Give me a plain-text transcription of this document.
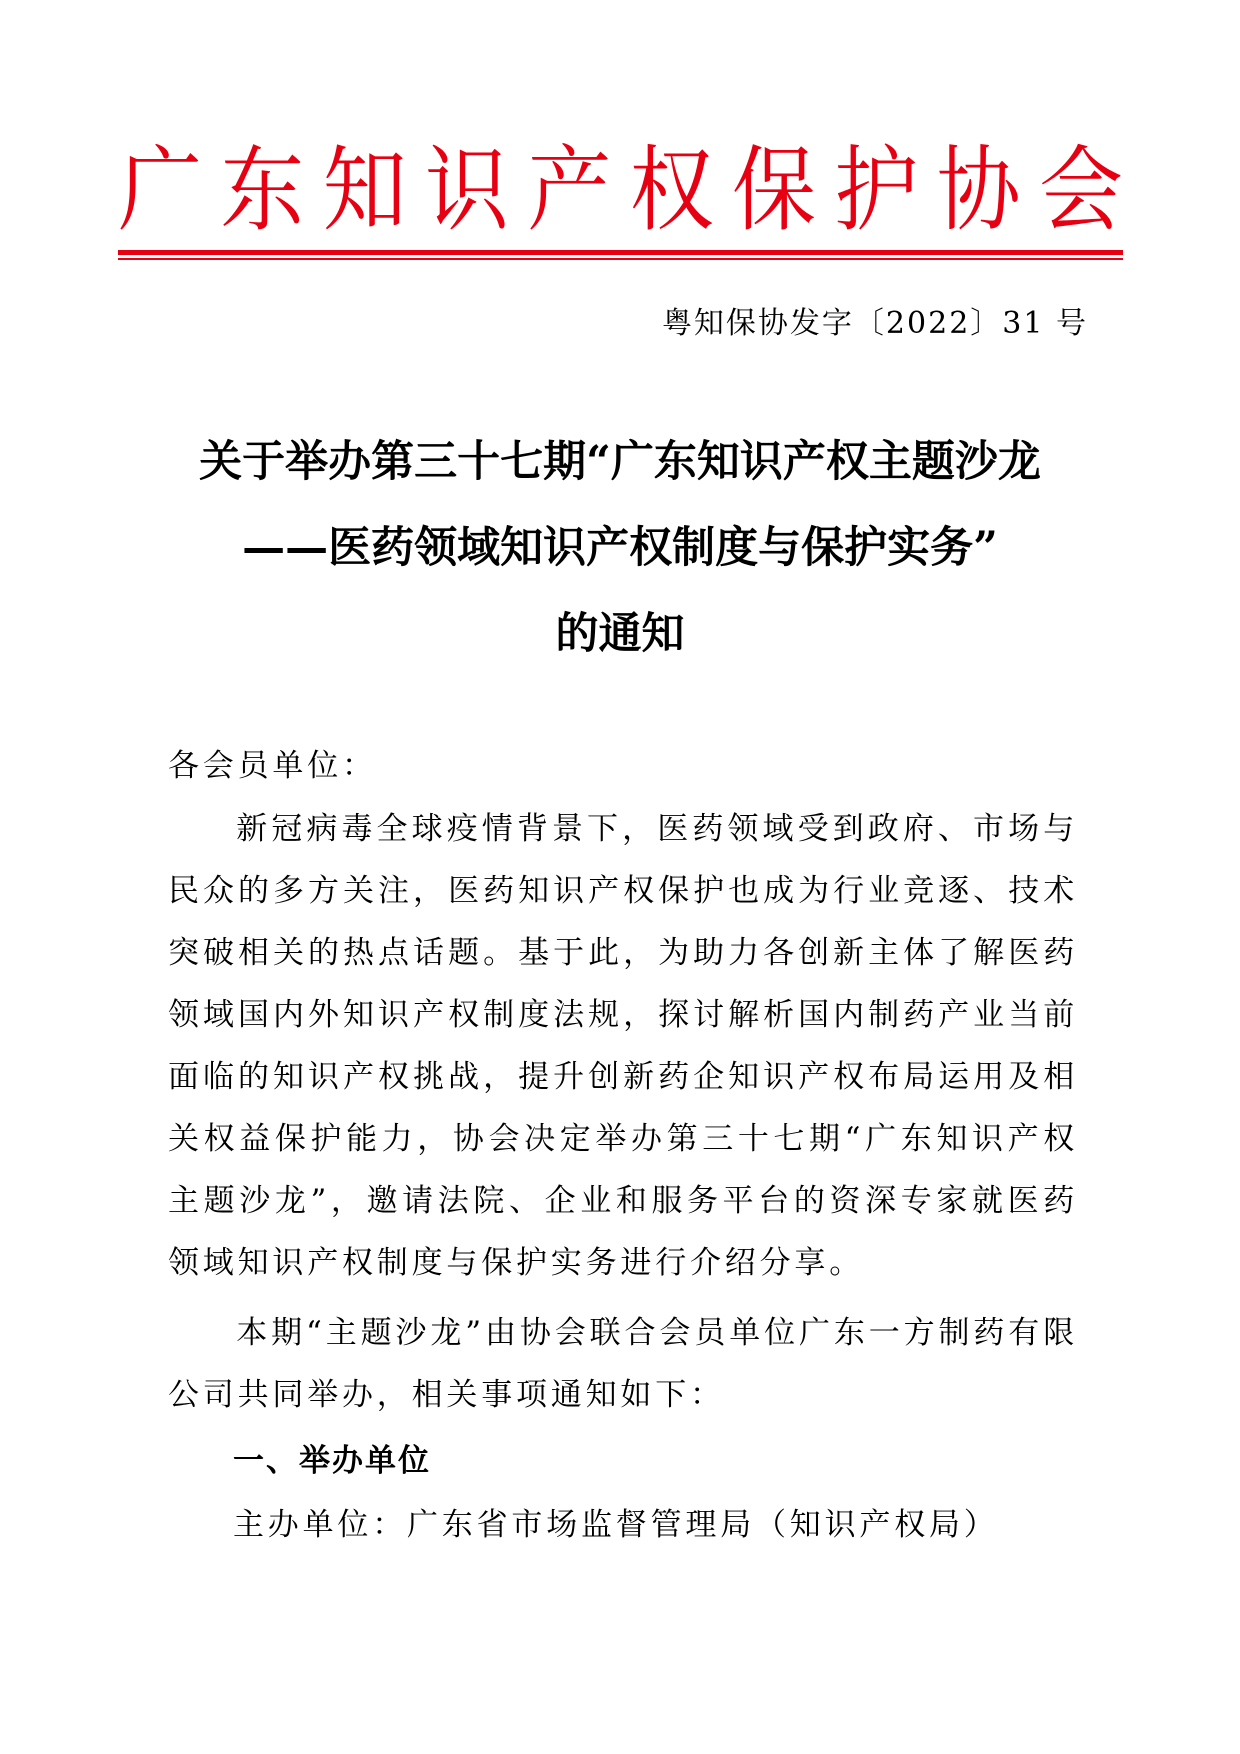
广 东 知 识 产 权 保 护 协 会
粤知保协发字〔2022〕31 号
关于举办第三十七期“广东知识产权主题沙龙
——医药领域知识产权制度与保护实务”
的通知

各会员单位：

新冠病毒全球疫情背景下，医药领域受到政府、市场与民众的多方关注，医药知识产权保护也成为行业竞逐、技术突破相关的热点话题。基于此，为助力各创新主体了解医药领域国内外知识产权制度法规，探讨解析国内制药产业当前面临的知识产权挑战，提升创新药企知识产权布局运用及相关权益保护能力，协会决定举办第三十七期“广东知识产权主题沙龙”，邀请法院、企业和服务平台的资深专家就医药领域知识产权制度与保护实务进行介绍分享。

本期“主题沙龙”由协会联合会员单位广东一方制药有限公司共同举办，相关事项通知如下：

一、举办单位

主办单位：广东省市场监督管理局（知识产权局）
